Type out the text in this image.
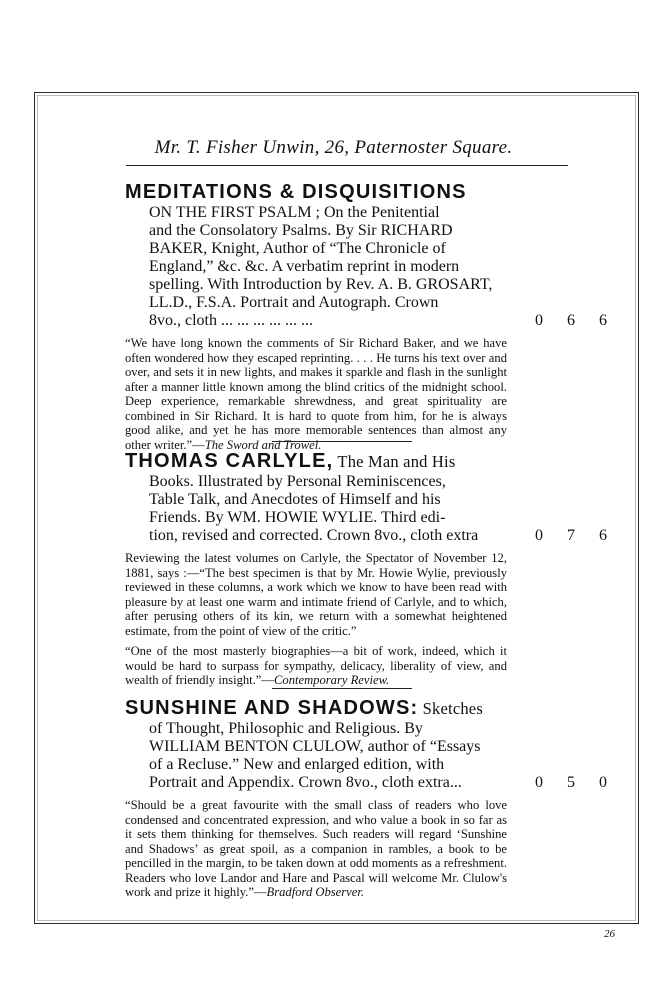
Mr. T. Fisher Unwin, 26, Paternoster Square.
MEDITATIONS & DISQUISITIONS
ON THE FIRST PSALM ; On the Penitential
and the Consolatory Psalms. By Sir RICHARD
BAKER, Knight, Author of “The Chronicle of
England,” &c. &c. A verbatim reprint in modern
spelling. With Introduction by Rev. A. B. GROSART,
LL.D., F.S.A. Portrait and Autograph. Crown
8vo., cloth ... ... ... ... ... ...	0 6 6
“We have long known the comments of Sir Richard Baker, and we have often wondered how they escaped reprinting. . . . He turns his text over and over, and sets it in new lights, and makes it sparkle and flash in the sunlight after a manner little known among the blind critics of the midnight school. Deep experience, remarkable shrewdness, and great spirituality are combined in Sir Richard. It is hard to quote from him, for he is always good alike, and yet he has more memorable sentences than almost any other writer.”—The Sword and Trowel.
THOMAS CARLYLE, The Man and His
Books. Illustrated by Personal Reminiscences,
Table Talk, and Anecdotes of Himself and his
Friends. By WM. HOWIE WYLIE. Third edi-
tion, revised and corrected. Crown 8vo., cloth extra	0 7 6
Reviewing the latest volumes on Carlyle, the Spectator of November 12, 1881, says :—“The best specimen is that by Mr. Howie Wylie, previously reviewed in these columns, a work which we know to have been read with pleasure by at least one warm and intimate friend of Carlyle, and to which, after perusing others of its kin, we return with a somewhat heightened estimate, from the point of view of the critic.”
“One of the most masterly biographies—a bit of work, indeed, which it would be hard to surpass for sympathy, delicacy, liberality of view, and wealth of friendly insight.”—Contemporary Review.
SUNSHINE AND SHADOWS: Sketches
of Thought, Philosophic and Religious. By
WILLIAM BENTON CLULOW, author of “Essays
of a Recluse.” New and enlarged edition, with
Portrait and Appendix. Crown 8vo., cloth extra...	0 5 0
“Should be a great favourite with the small class of readers who love condensed and concentrated expression, and who value a book in so far as it sets them thinking for themselves. Such readers will regard ‘Sunshine and Shadows’ as great spoil, as a companion in rambles, a book to be pencilled in the margin, to be taken down at odd moments as a refreshment. Readers who love Landor and Hare and Pascal will welcome Mr. Clulow's work and prize it highly.”—Bradford Observer.
26
